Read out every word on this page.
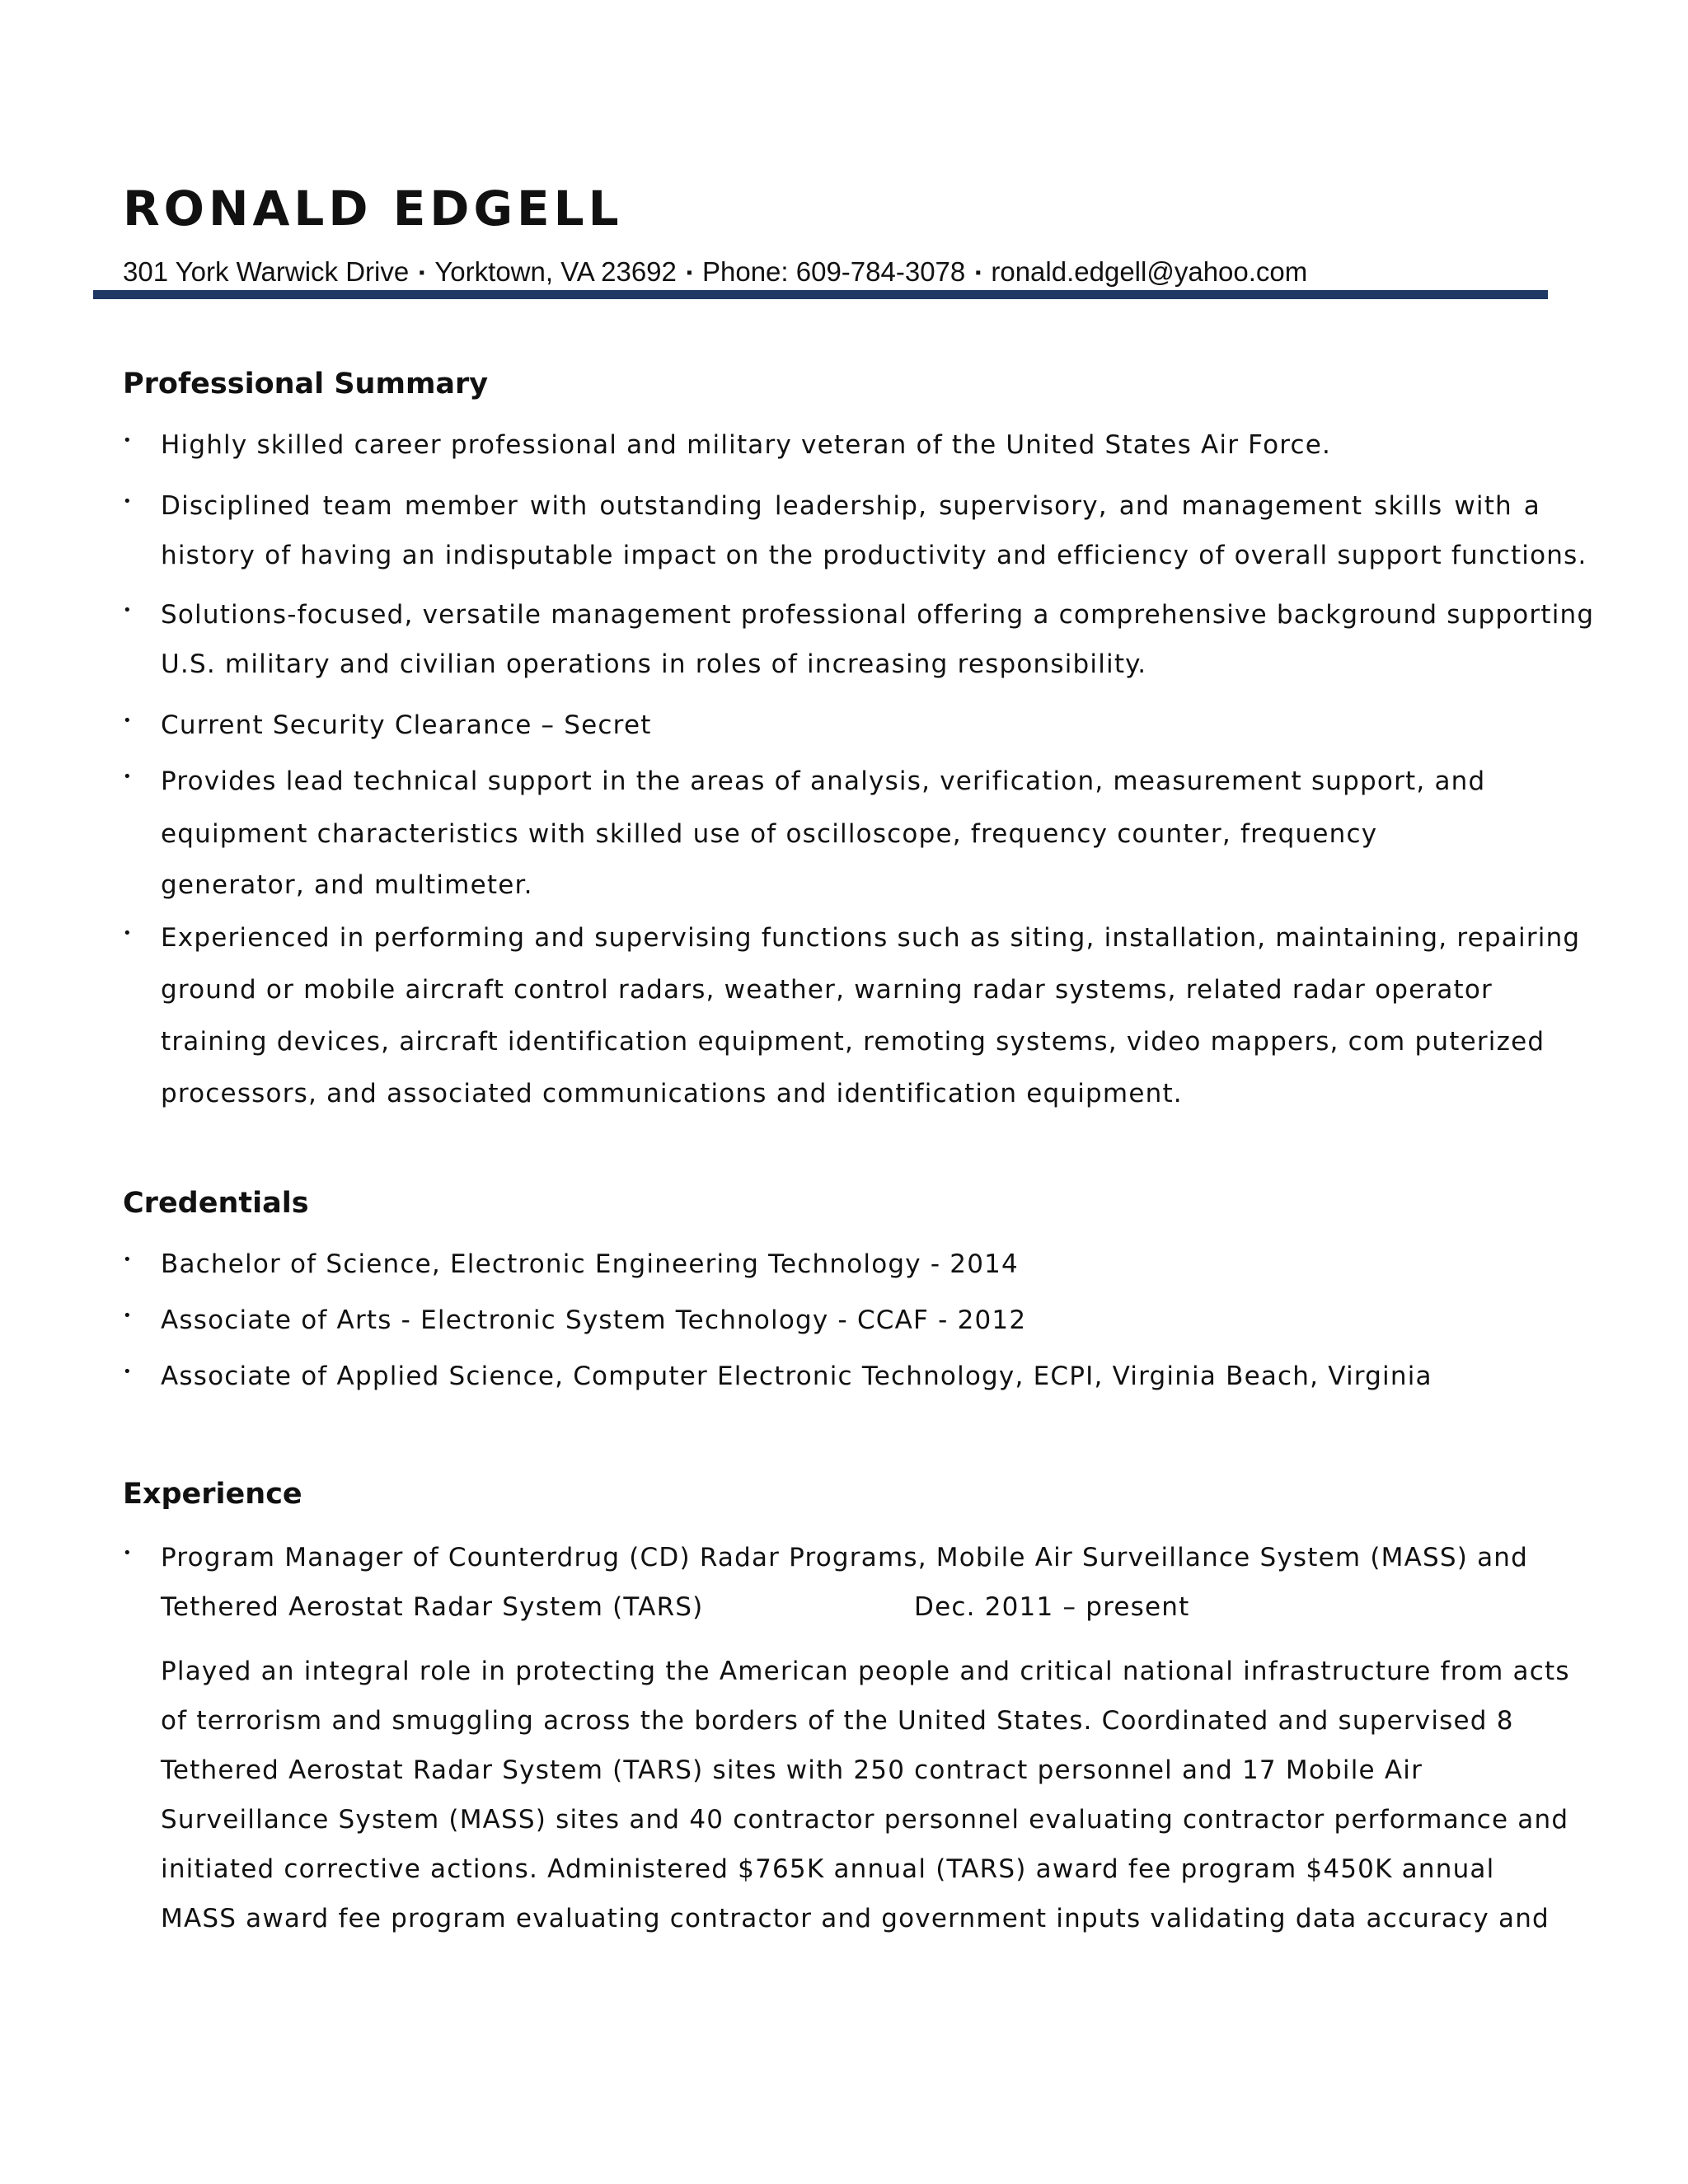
RONALD EDGELL
301 York Warwick Drive ▪ Yorktown, VA 23692 ▪ Phone: 609-784-3078 ▪ ronald.edgell@yahoo.com
Professional Summary
• Highly skilled career professional and military veteran of the United States Air Force.
• Disciplined team member with outstanding leadership, supervisory, and management skills with a
history of having an indisputable impact on the productivity and efficiency of overall support functions.
• Solutions-focused, versatile management professional offering a comprehensive background supporting
U.S. military and civilian operations in roles of increasing responsibility.
• Current Security Clearance – Secret
• Provides lead technical support in the areas of analysis, verification, measurement support, and
equipment characteristics with skilled use of oscilloscope, frequency counter, frequency
generator, and multimeter.
• Experienced in performing and supervising functions such as siting, installation, maintaining, repairing
ground or mobile aircraft control radars, weather, warning radar systems, related radar operator
training devices, aircraft identification equipment, remoting systems, video mappers, com puterized
processors, and associated communications and identification equipment.
Credentials
• Bachelor of Science, Electronic Engineering Technology - 2014
• Associate of Arts - Electronic System Technology - CCAF - 2012
• Associate of Applied Science, Computer Electronic Technology, ECPI, Virginia Beach, Virginia
Experience
• Program Manager of Counterdrug (CD) Radar Programs, Mobile Air Surveillance System (MASS) and
Tethered Aerostat Radar System (TARS)	Dec. 2011 – present
Played an integral role in protecting the American people and critical national infrastructure from acts
of terrorism and smuggling across the borders of the United States. Coordinated and supervised 8
Tethered Aerostat Radar System (TARS) sites with 250 contract personnel and 17 Mobile Air
Surveillance System (MASS) sites and 40 contractor personnel evaluating contractor performance and
initiated corrective actions. Administered $765K annual (TARS) award fee program $450K annual
MASS award fee program evaluating contractor and government inputs validating data accuracy and
